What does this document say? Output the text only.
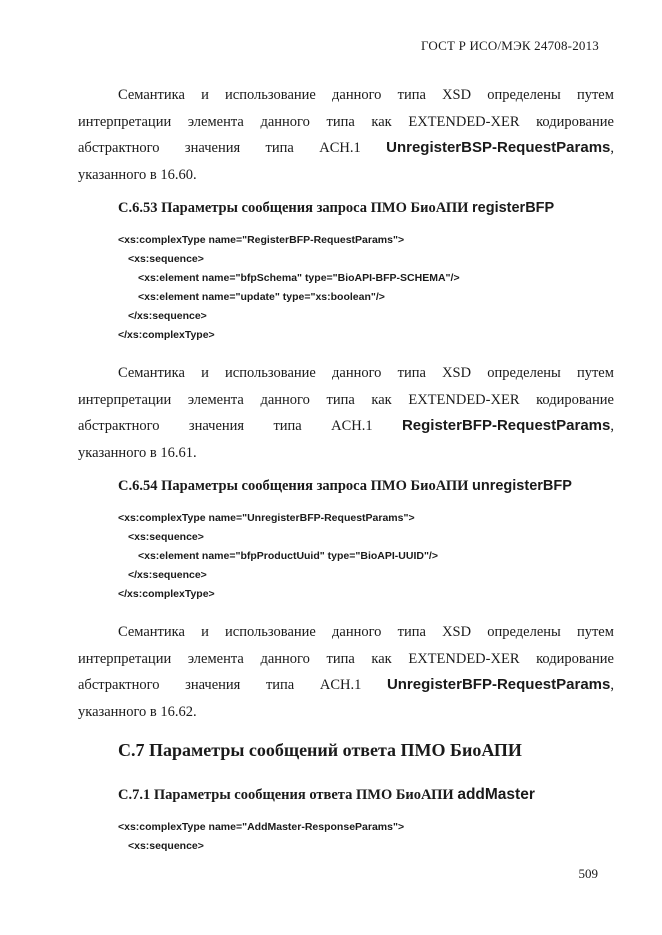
ГОСТ Р ИСО/МЭК 24708-2013
Семантика и использование данного типа XSD определены путем
интерпретации элемента данного типа как EXTENDED-XER кодирование
абстрактного значения типа ACH.1 UnregisterBSP-RequestParams,
указанного в 16.60.
С.6.53 Параметры сообщения запроса ПМО БиоАПИ registerBFP
<xs:complexType name="RegisterBFP-RequestParams">
<xs:sequence>
<xs:element name="bfpSchema" type="BioAPI-BFP-SCHEMA"/>
<xs:element name="update" type="xs:boolean"/>
</xs:sequence>
</xs:complexType>
Семантика и использование данного типа XSD определены путем
интерпретации элемента данного типа как EXTENDED-XER кодирование
абстрактного значения типа ACH.1 RegisterBFP-RequestParams,
указанного в 16.61.
С.6.54 Параметры сообщения запроса ПМО БиоАПИ unregisterBFP
<xs:complexType name="UnregisterBFP-RequestParams">
<xs:sequence>
<xs:element name="bfpProductUuid" type="BioAPI-UUID"/>
</xs:sequence>
</xs:complexType>
Семантика и использование данного типа XSD определены путем
интерпретации элемента данного типа как EXTENDED-XER кодирование
абстрактного значения типа ACH.1 UnregisterBFP-RequestParams,
указанного в 16.62.
С.7 Параметры сообщений ответа ПМО БиоАПИ
С.7.1 Параметры сообщения ответа ПМО БиоАПИ addMaster
<xs:complexType name="AddMaster-ResponseParams">
<xs:sequence>
509
